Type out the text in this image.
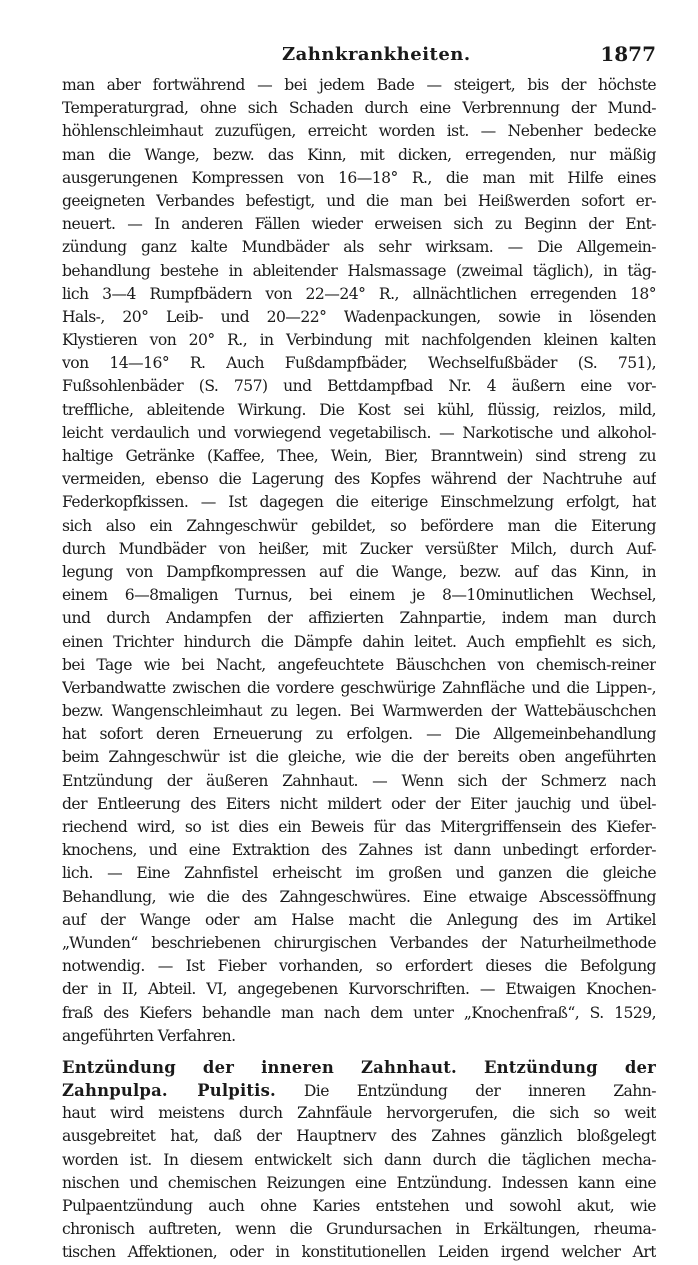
Zahnkrankheiten.	1877
man aber fortwährend — bei jedem Bade — steigert, bis der höchste
Temperaturgrad, ohne sich Schaden durch eine Verbrennung der Mund-
höhlenschleimhaut zuzufügen, erreicht worden ist. — Nebenher bedecke
man die Wange, bezw. das Kinn, mit dicken, erregenden, nur mäßig
ausgerungenen Kompressen von 16—18° R., die man mit Hilfe eines
geeigneten Verbandes befestigt, und die man bei Heißwerden sofort er-
neuert. — In anderen Fällen wieder erweisen sich zu Beginn der Ent-
zündung ganz kalte Mundbäder als sehr wirksam. — Die Allgemein-
behandlung bestehe in ableitender Halsmassage (zweimal täglich), in täg-
lich 3—4 Rumpfbädern von 22—24° R., allnächtlichen erregenden 18°
Hals-, 20° Leib- und 20—22° Wadenpackungen, sowie in lösenden
Klystieren von 20° R., in Verbindung mit nachfolgenden kleinen kalten
von 14—16° R. Auch Fußdampfbäder, Wechselfußbäder (S. 751),
Fußsohlenbäder (S. 757) und Bettdampfbad Nr. 4 äußern eine vor-
treffliche, ableitende Wirkung. Die Kost sei kühl, flüssig, reizlos, mild,
leicht verdaulich und vorwiegend vegetabilisch. — Narkotische und alkohol-
haltige Getränke (Kaffee, Thee, Wein, Bier, Branntwein) sind streng zu
vermeiden, ebenso die Lagerung des Kopfes während der Nachtruhe auf
Federkopfkissen. — Ist dagegen die eiterige Einschmelzung erfolgt, hat
sich also ein Zahngeschwür gebildet, so befördere man die Eiterung
durch Mundbäder von heißer, mit Zucker versüßter Milch, durch Auf-
legung von Dampfkompressen auf die Wange, bezw. auf das Kinn, in
einem 6—8maligen Turnus, bei einem je 8—10minutlichen Wechsel,
und durch Andampfen der affizierten Zahnpartie, indem man durch
einen Trichter hindurch die Dämpfe dahin leitet. Auch empfiehlt es sich,
bei Tage wie bei Nacht, angefeuchtete Bäuschchen von chemisch-reiner
Verbandwatte zwischen die vordere geschwürige Zahnfläche und die Lippen-,
bezw. Wangenschleimhaut zu legen. Bei Warmwerden der Wattebäuschchen
hat sofort deren Erneuerung zu erfolgen. — Die Allgemeinbehandlung
beim Zahngeschwür ist die gleiche, wie die der bereits oben angeführten
Entzündung der äußeren Zahnhaut. — Wenn sich der Schmerz nach
der Entleerung des Eiters nicht mildert oder der Eiter jauchig und übel-
riechend wird, so ist dies ein Beweis für das Mitergriffensein des Kiefer-
knochens, und eine Extraktion des Zahnes ist dann unbedingt erforder-
lich. — Eine Zahnfistel erheischt im großen und ganzen die gleiche
Behandlung, wie die des Zahngeschwüres. Eine etwaige Abscessöffnung
auf der Wange oder am Halse macht die Anlegung des im Artikel
„Wunden“ beschriebenen chirurgischen Verbandes der Naturheilmethode
notwendig. — Ist Fieber vorhanden, so erfordert dieses die Befolgung
der in II, Abteil. VI, angegebenen Kurvorschriften. — Etwaigen Knochen-
fraß des Kiefers behandle man nach dem unter „Knochenfraß“, S. 1529,
angeführten Verfahren.
Entzündung der inneren Zahnhaut. Entzündung der
Zahnpulpa. Pulpitis. Die Entzündung der inneren Zahn-
haut wird meistens durch Zahnfäule hervorgerufen, die sich so weit
ausgebreitet hat, daß der Hauptnerv des Zahnes gänzlich bloßgelegt
worden ist. In diesem entwickelt sich dann durch die täglichen mecha-
nischen und chemischen Reizungen eine Entzündung. Indessen kann eine
Pulpaentzündung auch ohne Karies entstehen und sowohl akut, wie
chronisch auftreten, wenn die Grundursachen in Erkältungen, rheuma-
tischen Affektionen, oder in konstitutionellen Leiden irgend welcher Art
